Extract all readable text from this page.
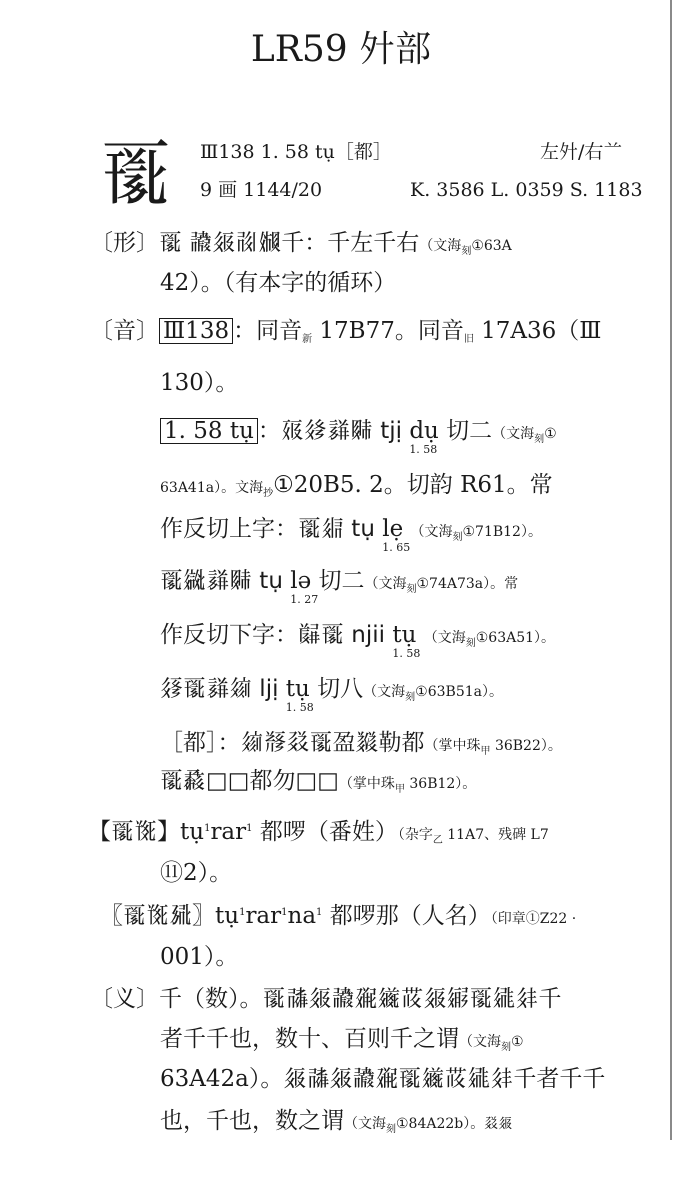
LR59 㚈部
𗀡 Ⅲ138 1. 58 tụ［都］	左㚈/右𘡊
9 画 1144/20	K. 3586 L. 0359 S. 1183
〔形〕𗀡 𘄒𗣔𗰖𗬞千：千左千右（文海$_刻$①63A
42）。（有本字的循环）
〔音〕 Ⅲ138 ：同音$_新$ 17B77。同音$_旧$ 17A36（Ⅲ
130）。
1. 58 tụ ：𗡞𗢼𗙼𘉐 tjị dụ
1. 58
切二（文海$_刻$①
63A41a）。文海$_抄$①20B5. 2。切韵 R61。常
作反切上字：𗀡𗤋 tụ lẹ
1. 65
（文海$_刻$①71B12）。
𗀡𗪙𗙼𘉐 tụ lə
1. 27
切二（文海$_刻$①74A73a）。常
作反切下字：𘛔𗀡 njii tụ
1. 58
（文海$_刻$①63A51）。
𗣗𗀡𗙼𗦻 ljị tụ
1. 58
切八（文海$_刻$①63B51a）。
［都］：𗦻𘃡𗳦𗀡盈𘐔勒都（掌中珠$_甲$ 36B22）。
𗀡𗲌□□都勿□□（掌中珠$_甲$ 36B12）。
【𗀡𗭴】tụ$^1$rar$^1$ 都啰（番姓）（杂字$_乙$ 11A7、残碑 L7
⑪2）。
〖𗀡𗭴𗉣〗$tụ^1rar^1na^1$ 都啰那（人名）（印章①Z22 ·
001）。
〔义〕千（数）。𗀡𗰜𗣔𘄒𗘂𗫂𗚉𗣔𗦜𗀡𗧓𗢳千
者千千也，数十、百则千之谓（文海$_刻$①
63A42a）。𗣔𗰜𗣔𘄒𗘂𗀡𗫂𗚉𗧓𗢳千者千千
也，千也，数之谓（文海$_刻$①84A22b）。𗳦𗣔
